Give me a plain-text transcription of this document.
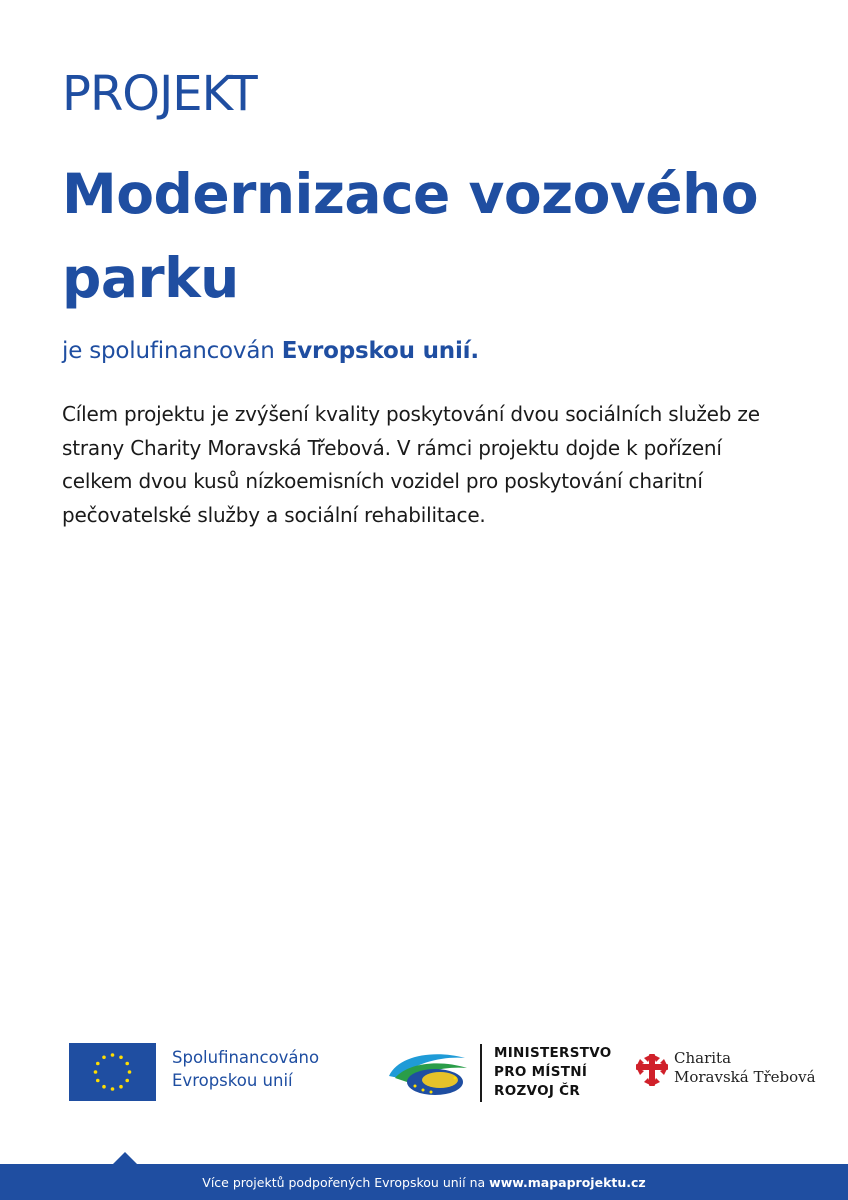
PROJEKT
Modernizace vozového parku
je spolufinancován Evropskou unií.
Cílem projektu je zvýšení kvality poskytování dvou sociálních služeb ze strany Charity Moravská Třebová. V rámci projektu dojde k pořízení celkem dvou kusů nízkoemisních vozidel pro poskytování charitní pečovatelské služby a sociální rehabilitace.
Spolufinancováno
Evropskou unií
MINISTERSTVO
PRO MÍSTNÍ
ROZVOJ ČR
Charita
Moravská Třebová
Více projektů podpořených Evropskou unií na www.mapaprojektu.cz
